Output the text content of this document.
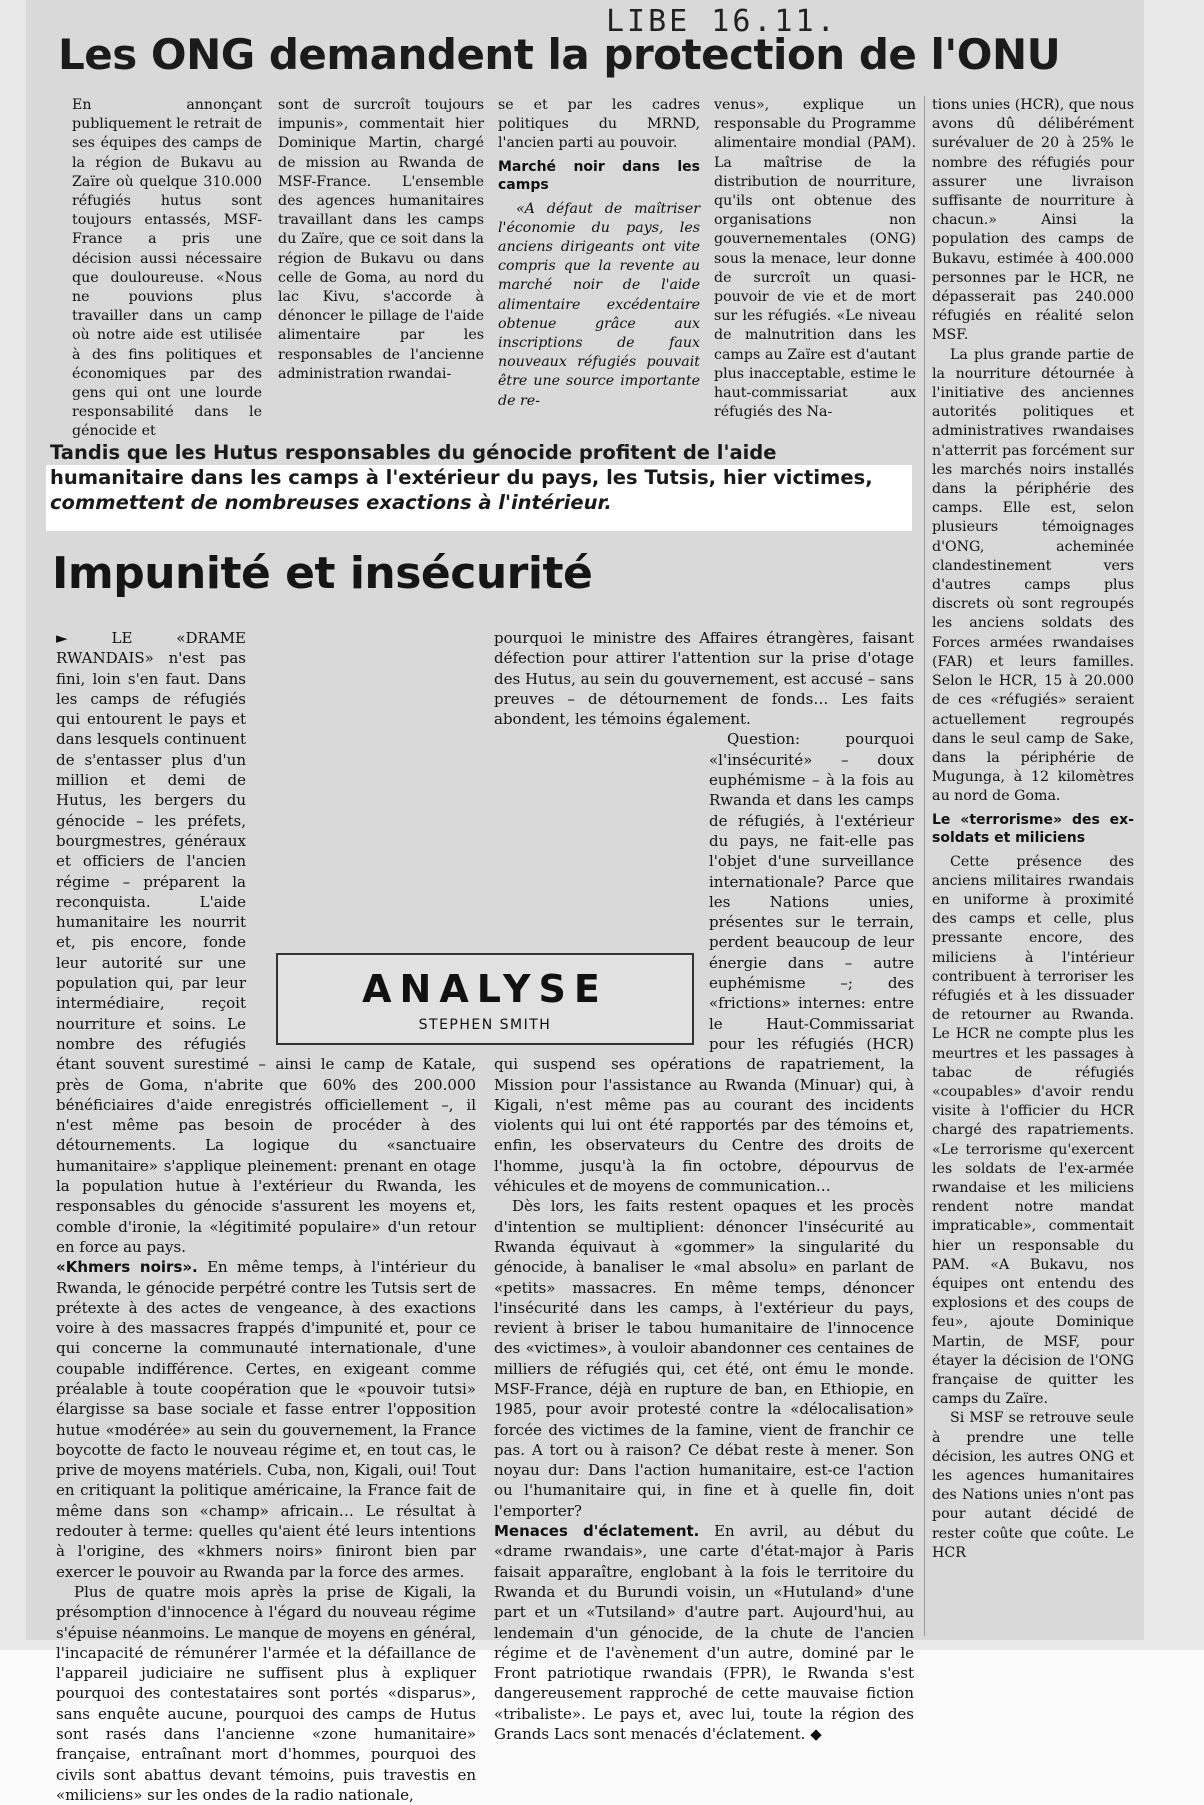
LIBE 16.11.
Les ONG demandent la protection de l'ONU

En annonçant publiquement le retrait de ses équipes des camps de la région de Bukavu au Zaïre où quelque 310.000 réfugiés hutus sont toujours entassés, MSF-France a pris une décision aussi nécessaire que douloureuse. «Nous ne pouvions plus travailler dans un camp où notre aide est utilisée à des fins politiques et économiques par des gens qui ont une lourde responsabilité dans le génocide et

sont de surcroît toujours impunis», commentait hier Dominique Martin, chargé de mission au Rwanda de MSF-France. L'ensemble des agences humanitaires travaillant dans les camps du Zaïre, que ce soit dans la région de Bukavu ou dans celle de Goma, au nord du lac Kivu, s'accorde à dénoncer le pillage de l'aide alimentaire par les responsables de l'ancienne administration rwandai-

se et par les cadres politiques du MRND, l'ancien parti au pouvoir.

Marché noir dans les camps

«A défaut de maîtriser l'économie du pays, les anciens dirigeants ont vite compris que la revente au marché noir de l'aide alimentaire excédentaire obtenue grâce aux inscriptions de faux nouveaux réfugiés pouvait être une source importante de re-

venus», explique un responsable du Programme alimentaire mondial (PAM). La maîtrise de la distribution de nourriture, qu'ils ont obtenue des organisations non gouvernementales (ONG) sous la menace, leur donne de surcroît un quasi-pouvoir de vie et de mort sur les réfugiés. «Le niveau de malnutrition dans les camps au Zaïre est d'autant plus inacceptable, estime le haut-commissariat aux réfugiés des Na-

tions unies (HCR), que nous avons dû délibérément surévaluer de 20 à 25% le nombre des réfugiés pour assurer une livraison suffisante de nourriture à chacun.» Ainsi la population des camps de Bukavu, estimée à 400.000 personnes par le HCR, ne dépasserait pas 240.000 réfugiés en réalité selon MSF.

La plus grande partie de la nourriture détournée à l'initiative des anciennes autorités politiques et administratives rwandaises n'atterrit pas forcément sur les marchés noirs installés dans la périphérie des camps. Elle est, selon plusieurs témoignages d'ONG, acheminée clandestinement vers d'autres camps plus discrets où sont regroupés les anciens soldats des Forces armées rwandaises (FAR) et leurs familles. Selon le HCR, 15 à 20.000 de ces «réfugiés» seraient actuellement regroupés dans le seul camp de Sake, dans la périphérie de Mugunga, à 12 kilomètres au nord de Goma.

Le «terrorisme» des ex-soldats et miliciens

Cette présence des anciens militaires rwandais en uniforme à proximité des camps et celle, plus pressante encore, des miliciens à l'intérieur contribuent à terroriser les réfugiés et à les dissuader de retourner au Rwanda. Le HCR ne compte plus les meurtres et les passages à tabac de réfugiés «coupables» d'avoir rendu visite à l'officier du HCR chargé des rapatriements. «Le terrorisme qu'exercent les soldats de l'ex-armée rwandaise et les miliciens rendent notre mandat impraticable», commentait hier un responsable du PAM. «A Bukavu, nos équipes ont entendu des explosions et des coups de feu», ajoute Dominique Martin, de MSF, pour étayer la décision de l'ONG française de quitter les camps du Zaïre.

Si MSF se retrouve seule à prendre une telle décision, les autres ONG et les agences humanitaires des Nations unies n'ont pas pour autant décidé de rester coûte que coûte. Le HCR

Tandis que les Hutus responsables du génocide profitent de l'aide
humanitaire dans les camps à l'extérieur du pays, les Tutsis, hier victimes,
commettent de nombreuses exactions à l'intérieur.
Impunité et insécurité

► LE «DRAME RWANDAIS» n'est pas fini, loin s'en faut. Dans les camps de réfugiés qui entourent le pays et dans lesquels continuent de s'entasser plus d'un million et demi de Hutus, les bergers du génocide – les préfets, bourgmestres, généraux et officiers de l'ancien régime – préparent la reconquista. L'aide humanitaire les nourrit et, pis encore, fonde leur autorité sur une population qui, par leur intermédiaire, reçoit nourriture et soins. Le nombre des réfugiés étant souvent surestimé – ainsi le camp de Katale, près de Goma, n'abrite que 60% des 200.000 bénéficiaires d'aide enregistrés officiellement –, il n'est même pas besoin de procéder à des détournements. La logique du «sanctuaire humanitaire» s'applique pleinement: prenant en otage la population hutue à l'extérieur du Rwanda, les responsables du génocide s'assurent les moyens et, comble d'ironie, la «légitimité populaire» d'un retour en force au pays.

«Khmers noirs». En même temps, à l'intérieur du Rwanda, le génocide perpétré contre les Tutsis sert de prétexte à des actes de vengeance, à des exactions voire à des massacres frappés d'impunité et, pour ce qui concerne la communauté internationale, d'une coupable indifférence. Certes, en exigeant comme préalable à toute coopération que le «pouvoir tutsi» élargisse sa base sociale et fasse entrer l'opposition hutue «modérée» au sein du gouvernement, la France boycotte de facto le nouveau régime et, en tout cas, le prive de moyens matériels. Cuba, non, Kigali, oui! Tout en critiquant la politique américaine, la France fait de même dans son «champ» africain… Le résultat à redouter à terme: quelles qu'aient été leurs intentions à l'origine, des «khmers noirs» finiront bien par exercer le pouvoir au Rwanda par la force des armes.

Plus de quatre mois après la prise de Kigali, la présomption d'innocence à l'égard du nouveau régime s'épuise néanmoins. Le manque de moyens en général, l'incapacité de rémunérer l'armée et la défaillance de l'appareil judiciaire ne suffisent plus à expliquer pourquoi des contestataires sont portés «disparus», sans enquête aucune, pourquoi des camps de Hutus sont rasés dans l'ancienne «zone humanitaire» française, entraînant mort d'hommes, pourquoi des civils sont abattus devant témoins, puis travestis en «miliciens» sur les ondes de la radio nationale,

pourquoi le ministre des Affaires étrangères, faisant défection pour attirer l'attention sur la prise d'otage des Hutus, au sein du gouvernement, est accusé – sans preuves – de détournement de fonds… Les faits abondent, les témoins également.

Question: pourquoi «l'insécurité» – doux euphémisme – à la fois au Rwanda et dans les camps de réfugiés, à l'extérieur du pays, ne fait-elle pas l'objet d'une surveillance internationale? Parce que les Nations unies, présentes sur le terrain, perdent beaucoup de leur énergie dans – autre euphémisme –; des «frictions» internes: entre le Haut-Commissariat pour les réfugiés (HCR) qui suspend ses opérations de rapatriement, la Mission pour l'assistance au Rwanda (Minuar) qui, à Kigali, n'est même pas au courant des incidents violents qui lui ont été rapportés par des témoins et, enfin, les observateurs du Centre des droits de l'homme, jusqu'à la fin octobre, dépourvus de véhicules et de moyens de communication…

Dès lors, les faits restent opaques et les procès d'intention se multiplient: dénoncer l'insécurité au Rwanda équivaut à «gommer» la singularité du génocide, à banaliser le «mal absolu» en parlant de «petits» massacres. En même temps, dénoncer l'insécurité dans les camps, à l'extérieur du pays, revient à briser le tabou humanitaire de l'innocence des «victimes», à vouloir abandonner ces centaines de milliers de réfugiés qui, cet été, ont ému le monde. MSF-France, déjà en rupture de ban, en Ethiopie, en 1985, pour avoir protesté contre la «délocalisation» forcée des victimes de la famine, vient de franchir ce pas. A tort ou à raison? Ce débat reste à mener. Son noyau dur: Dans l'action humanitaire, est-ce l'action ou l'humanitaire qui, in fine et à quelle fin, doit l'emporter?

Menaces d'éclatement. En avril, au début du «drame rwandais», une carte d'état-major à Paris faisait apparaître, englobant à la fois le territoire du Rwanda et du Burundi voisin, un «Hutuland» d'une part et un «Tutsiland» d'autre part. Aujourd'hui, au lendemain d'un génocide, de la chute de l'ancien régime et de l'avènement d'un autre, dominé par le Front patriotique rwandais (FPR), le Rwanda s'est dangereusement rapproché de cette mauvaise fiction «tribaliste». Le pays et, avec lui, toute la région des Grands Lacs sont menacés d'éclatement. ◆

ANALYSE
STEPHEN SMITH
